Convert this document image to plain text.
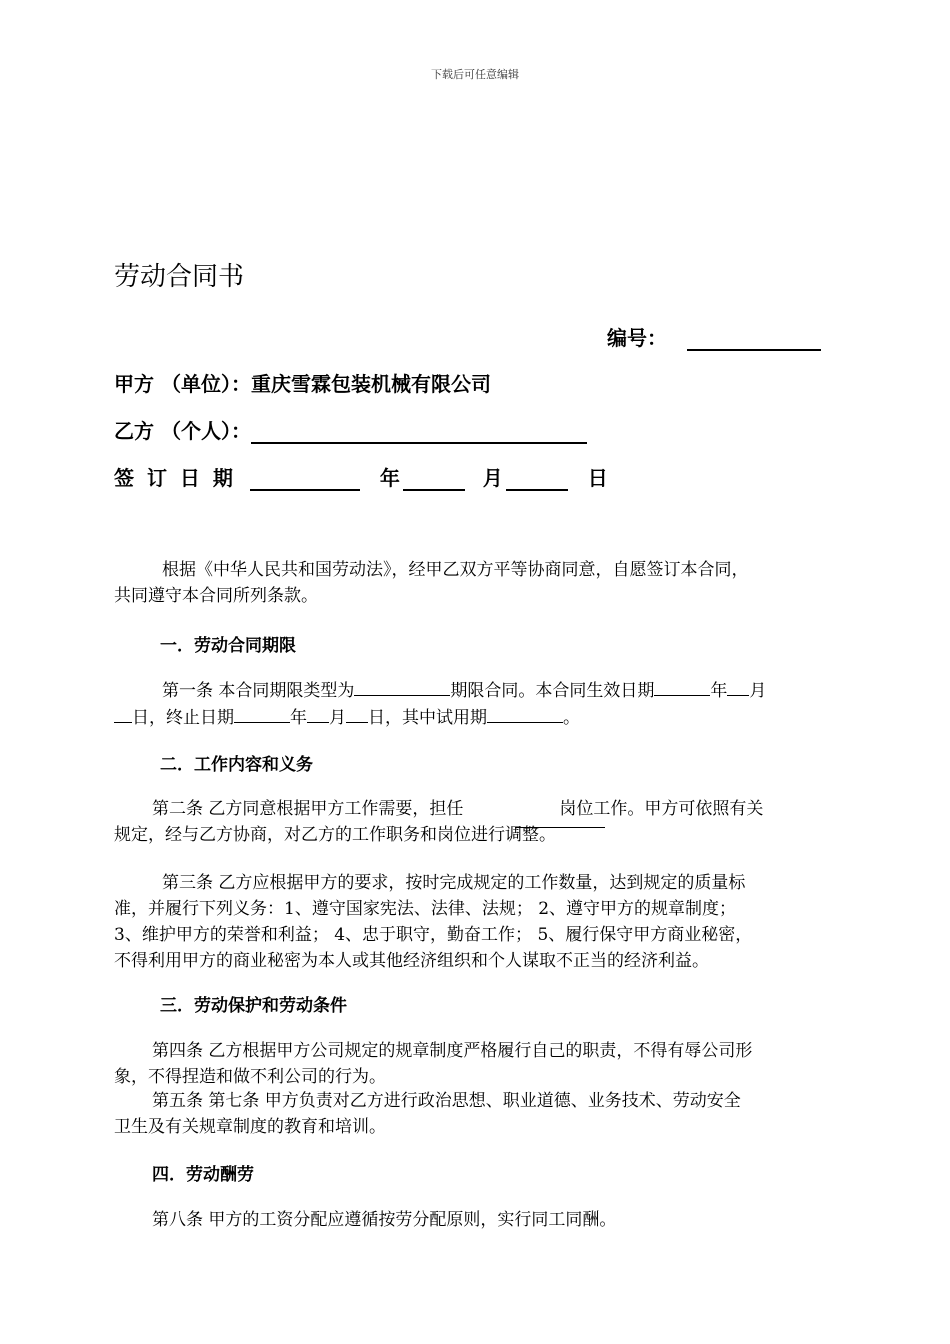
下载后可任意编辑
劳动合同书
编号：
甲方 （单位）：重庆雪霖包装机械有限公司
乙方 （个人）：
签 订 日 期	年	月	日
根据《中华人民共和国劳动法》，经甲乙双方平等协商同意，自愿签订本合同，
共同遵守本合同所列条款。
一．劳动合同期限
第一条 本合同期限类型为	期限合同。本合同生效日期	年 月
日，终止日期	年 月 日，其中试用期	。
二．工作内容和义务
第二条 乙方同意根据甲方工作需要，担任	岗位工作。甲方可依照有关
规定，经与乙方协商，对乙方的工作职务和岗位进行调整。
第三条 乙方应根据甲方的要求，按时完成规定的工作数量，达到规定的质量标
准，并履行下列义务：1、遵守国家宪法、法律、法规； 2、遵守甲方的规章制度；
3、维护甲方的荣誉和利益； 4、忠于职守，勤奋工作； 5、履行保守甲方商业秘密，
不得利用甲方的商业秘密为本人或其他经济组织和个人谋取不正当的经济利益。
三．劳动保护和劳动条件
第四条 乙方根据甲方公司规定的规章制度严格履行自己的职责，不得有辱公司形
象，不得捏造和做不利公司的行为。
第五条 第七条 甲方负责对乙方进行政治思想、职业道德、业务技术、劳动安全
卫生及有关规章制度的教育和培训。
四．劳动酬劳
第八条 甲方的工资分配应遵循按劳分配原则，实行同工同酬。
